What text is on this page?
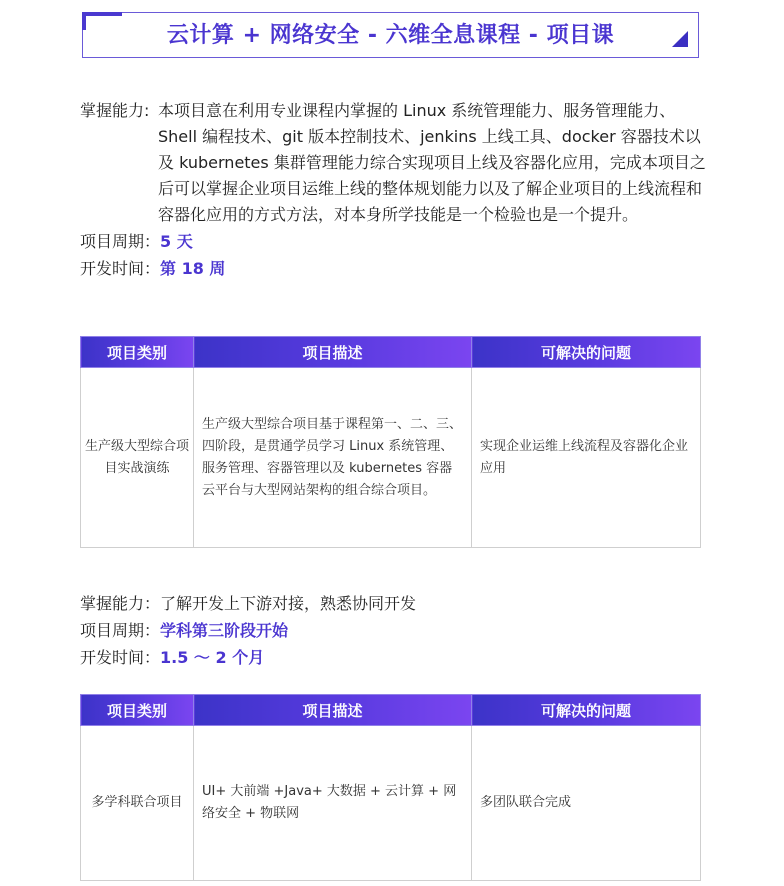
云计算 + 网络安全 - 六维全息课程 - 项目课
掌握能力: 本项目意在利用专业课程内掌握的 Linux 系统管理能力、服务管理能力、Shell 编程技术、git 版本控制技术、jenkins 上线工具、docker 容器技术以及 kubernetes 集群管理能力综合实现项目上线及容器化应用，完成本项目之后可以掌握企业项目运维上线的整体规划能力以及了解企业项目的上线流程和容器化应用的方式方法，对本身所学技能是一个检验也是一个提升。
项目周期：5 天
开发时间：第 18 周
项目类别	项目描述	可解决的问题
生产级大型综合项目实战演练	生产级大型综合项目基于课程第一、二、三、四阶段，是贯通学员学习 Linux 系统管理、服务管理、容器管理以及 kubernetes 容器云平台与大型网站架构的组合综合项目。	实现企业运维上线流程及容器化企业应用
掌握能力：了解开发上下游对接，熟悉协同开发
项目周期：学科第三阶段开始
开发时间：1.5 ～ 2 个月
项目类别	项目描述	可解决的问题
多学科联合项目	UI+ 大前端 +Java+ 大数据 + 云计算 + 网络安全 + 物联网	多团队联合完成
